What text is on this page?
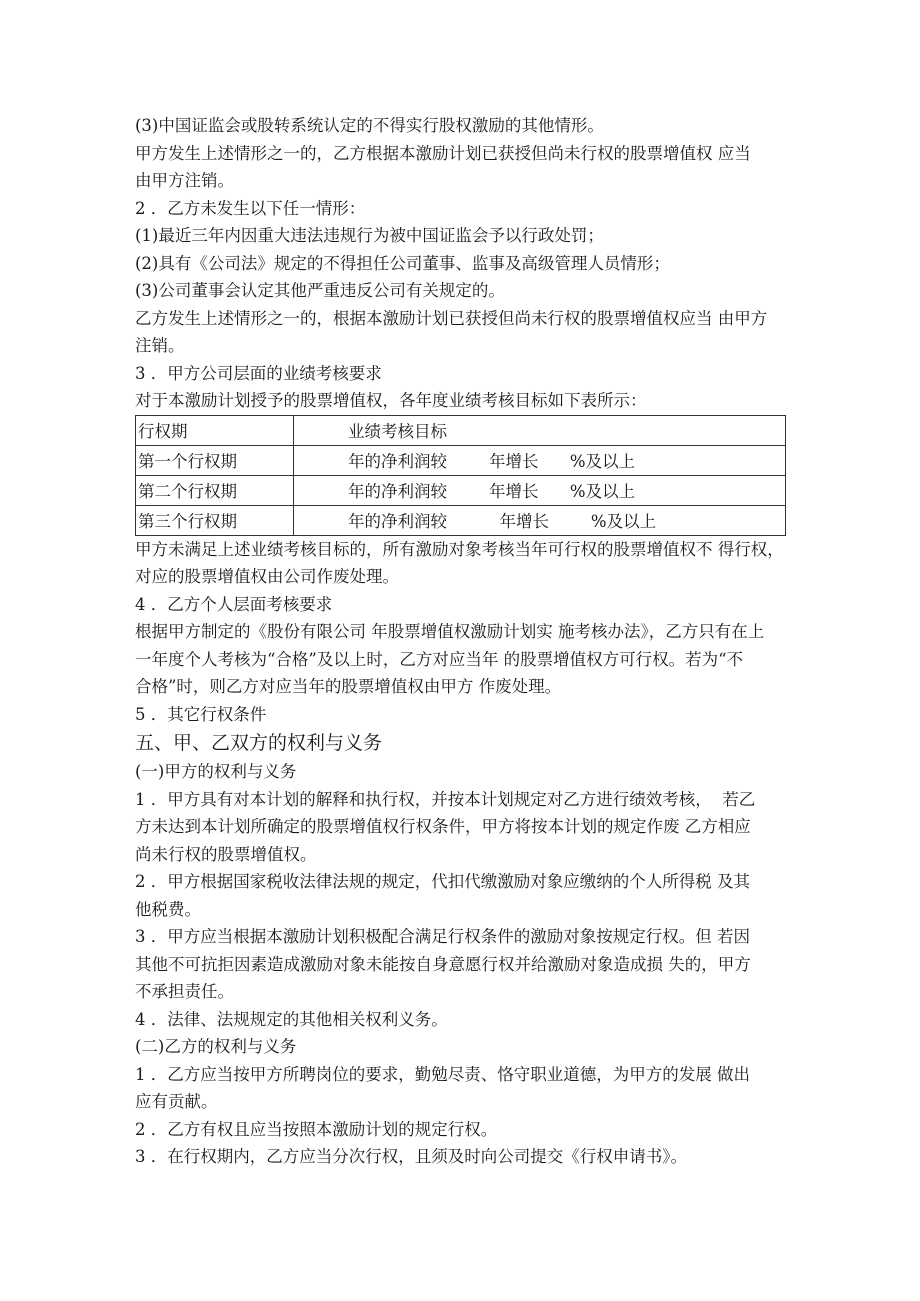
(3)中国证监会或股转系统认定的不得实行股权激励的其他情形。

甲方发生上述情形之一的，乙方根据本激励计划已获授但尚未行权的股票增值权 应当

由甲方注销。

2 ．乙方未发生以下任一情形：

(1)最近三年内因重大违法违规行为被中国证监会予以行政处罚；

(2)具有《公司法》规定的不得担任公司董事、监事及高级管理人员情形；

(3)公司董事会认定其他严重违反公司有关规定的。

乙方发生上述情形之一的，根据本激励计划已获授但尚未行权的股票增值权应当 由甲方

注销。

3 ．甲方公司层面的业绩考核要求

对于本激励计划授予的股票增值权，各年度业绩考核目标如下表所示：

行权期	业绩考核目标
第一个行权期	年的净利润较        年增长      %及以上
第二个行权期	年的净利润较        年增长      %及以上
第三个行权期	年的净利润较          年增长        %及以上

甲方未满足上述业绩考核目标的，所有激励对象考核当年可行权的股票增值权不 得行权，

对应的股票增值权由公司作废处理。

4 ．乙方个人层面考核要求

根据甲方制定的《股份有限公司 年股票增值权激励计划实 施考核办法》，乙方只有在上

一年度个人考核为“合格”及以上时，乙方对应当年 的股票增值权方可行权。若为“不

合格”时，则乙方对应当年的股票增值权由甲方 作废处理。

5 ．其它行权条件

五、甲、乙双方的权利与义务

(一)甲方的权利与义务

1 ．甲方具有对本计划的解释和执行权，并按本计划规定对乙方进行绩效考核，  若乙

方未达到本计划所确定的股票增值权行权条件，甲方将按本计划的规定作废 乙方相应

尚未行权的股票增值权。

2 ．甲方根据国家税收法律法规的规定，代扣代缴激励对象应缴纳的个人所得税 及其

他税费。

3 ．甲方应当根据本激励计划积极配合满足行权条件的激励对象按规定行权。但 若因

其他不可抗拒因素造成激励对象未能按自身意愿行权并给激励对象造成损 失的，甲方

不承担责任。

4 ．法律、法规规定的其他相关权利义务。

(二)乙方的权利与义务

1 ．乙方应当按甲方所聘岗位的要求，勤勉尽责、恪守职业道德，为甲方的发展 做出

应有贡献。

2 ．乙方有权且应当按照本激励计划的规定行权。

3 ．在行权期内，乙方应当分次行权，且须及时向公司提交《行权申请书》。
